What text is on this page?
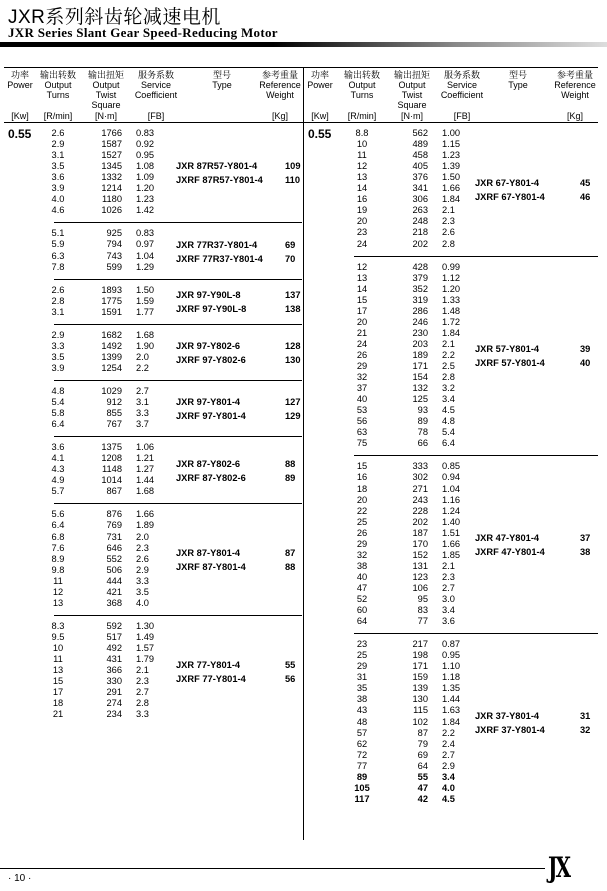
JXR系列斜齿轮减速电机
JXR Series Slant Gear Speed-Reducing Motor
功率
Power
输出转数
Output
Turns
输出扭矩
Output
Twist
Square
服务系数
Service
Coefficient
型号
Type
参考重量
Reference
Weight
[Kw]	[R/min]	[N·m]	[FB]	[Kg]
功率
Power
输出转数
Output
Turns
输出扭矩
Output
Twist
Square
服务系数
Service
Coefficient
型号
Type
参考重量
Reference
Weight
[Kw]	[R/min]	[N·m]	[FB]	[Kg]
0.55	2.6	1766 0.83
2.9	1587 0.92
3.1	1527 0.95
3.5	1345 1.08
3.6	1332 1.09
3.9	1214 1.20
4.0	1180 1.23
4.6	1026 1.42
JXR 87R57-Y801-4	109
JXRF 87R57-Y801-4 110
5.1	925 0.83
5.9	794 0.97
6.3	743 1.04
7.8	599 1.29
JXR 77R37-Y801-4	69
JXRF 77R37-Y801-4 70
2.6	1893 1.50
2.8	1775 1.59
3.1	1591 1.77
JXR 97-Y90L-8	137
JXRF 97-Y90L-8	138
2.9	1682 1.68
3.3	1492 1.90
3.5	1399 2.0
3.9	1254 2.2
JXR 97-Y802-6	128
JXRF 97-Y802-6	130
4.8	1029 2.7
5.4	912 3.1
5.8	855 3.3
6.4	767 3.7
JXR 97-Y801-4	127
JXRF 97-Y801-4	129
3.6	1375 1.06
4.1	1208 1.21
4.3	1148 1.27
4.9	1014 1.44
5.7	867 1.68
JXR 87-Y802-6	88
JXRF 87-Y802-6	89
5.6	876 1.66
6.4	769 1.89
6.8	731 2.0
7.6	646 2.3
8.9	552 2.6
9.8	506 2.9
11	444 3.3
12	421 3.5
13	368 4.0
JXR 87-Y801-4	87
JXRF 87-Y801-4	88
8.3	592 1.30
9.5	517 1.49
10	492 1.57
11	431 1.79
13	366 2.1
15	330 2.3
17	291 2.7
18	274 2.8
21	234 3.3
JXR 77-Y801-4	55
JXRF 77-Y801-4	56
0.55	8.8	562 1.00
10	489 1.15
11	458 1.23
12	405 1.39
13	376 1.50
14	341 1.66
16	306 1.84
19	263 2.1
20	248 2.3
23	218 2.6
24	202 2.8
JXR 67-Y801-4	45
JXRF 67-Y801-4	46
12	428 0.99
13	379 1.12
14	352 1.20
15	319 1.33
17	286 1.48
20	246 1.72
21	230 1.84
24	203 2.1
26	189 2.2
29	171 2.5
32	154 2.8
37	132 3.2
40	125 3.4
53	93 4.5
56	89 4.8
63	78 5.4
75	66 6.4
JXR 57-Y801-4	39
JXRF 57-Y801-4	40
15	333 0.85
16	302 0.94
18	271 1.04
20	243 1.16
22	228 1.24
25	202 1.40
26	187 1.51
29	170 1.66
32	152 1.85
38	131 2.1
40	123 2.3
47	106 2.7
52	95 3.0
60	83 3.4
64	77 3.6
JXR 47-Y801-4	37
JXRF 47-Y801-4	38
23	217 0.87
25	198 0.95
29	171 1.10
31	159 1.18
35	139 1.35
38	130 1.44
43	115 1.63
48	102 1.84
57	87 2.2
62	79 2.4
72	69 2.7
77	64 2.9
89	55 3.4
105	47 4.0
117	42 4.5
JXR 37-Y801-4	31
JXRF 37-Y801-4	32
· 10 ·	JX
